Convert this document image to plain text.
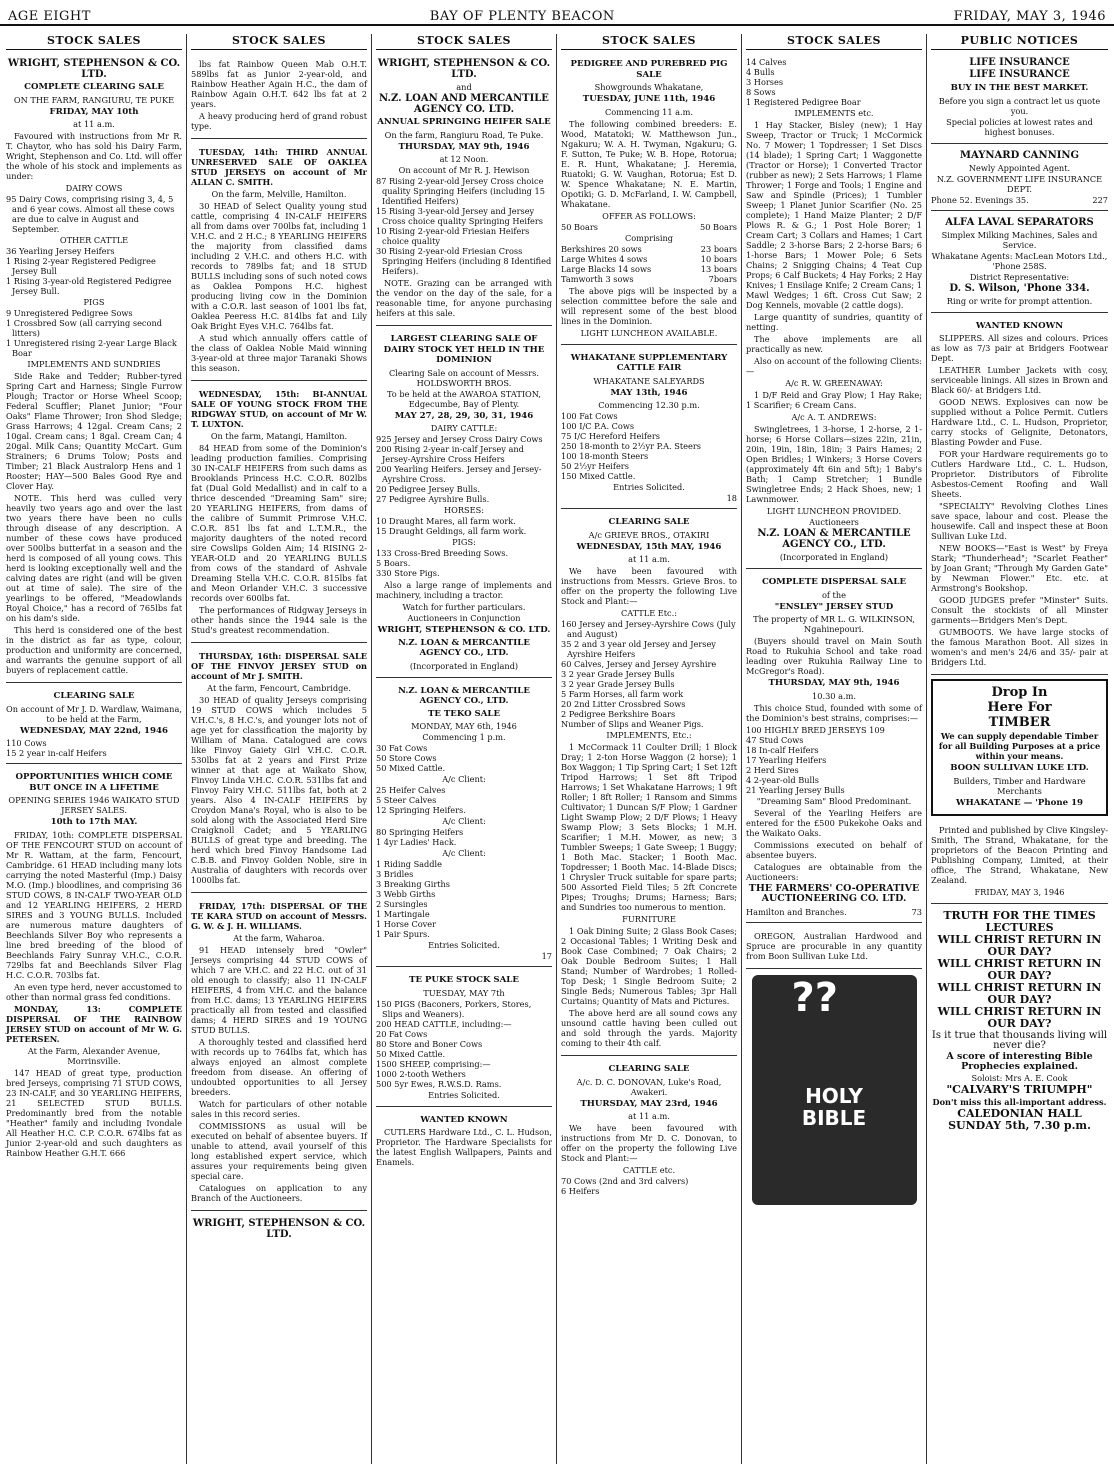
AGE EIGHT	BAY OF PLENTY BEACON	FRIDAY, MAY 3, 1946
STOCK SALES
WRIGHT, STEPHENSON & CO. LTD.
COMPLETE CLEARING SALE
ON THE FARM, RANGIURU, TE PUKE
FRIDAY, MAY 10th
at 11 a.m.
Favoured with instructions from Mr R. T. Chaytor, who has sold his Dairy Farm, Wright, Stephenson and Co. Ltd. will offer the whole of his stock and implements as under:
DAIRY COWS
95 Dairy Cows, comprising rising 3, 4, 5 and 6 year cows. Almost all these cows are due to calve in August and September.
OTHER CATTLE
36 Yearling Jersey Heifers
1 Rising 2-year Registered Pedigree Jersey Bull
1 Rising 3-year-old Registered Pedigree Jersey Bull.
PIGS
9 Unregistered Pedigree Sows
1 Crossbred Sow (all carrying second litters)
1 Unregistered rising 2-year Large Black Boar
IMPLEMENTS AND SUNDRIES
Side Rake and Tedder; Rubber-tyred Spring Cart and Harness; Single Furrow Plough; Tractor or Horse Wheel Scoop; Federal Scuffler; Planet Junior; "Four Oaks" Flame Thrower; Iron Shod Sledge; Grass Harrows; 4 12gal. Cream Cans; 2 10gal. Cream cans; 1 8gal. Cream Can; 4 20gal. Milk Cans; Quantity McCart. Gum Strainers; 6 Drums Tolow; Posts and Timber; 21 Black Australorp Hens and 1 Rooster; HAY—500 Bales Good Rye and Clover Hay.
NOTE. This herd was culled very heavily two years ago and over the last two years there have been no culls through disease of any description. A number of these cows have produced over 500lbs butterfat in a season and the herd is composed of all young cows. This herd is looking exceptionally well and the calving dates are right (and will be given out at time of sale). The sire of the yearlings to be offered, "Meadowlands Royal Choice," has a record of 765lbs fat on his dam's side.
This herd is considered one of the best in the district as far as type, colour, production and uniformity are concerned, and warrants the genuine support of all buyers of replacement cattle.
CLEARING SALE
On account of Mr J. D. Wardlaw, Waimana, to be held at the Farm,
WEDNESDAY, MAY 22nd, 1946
110 Cows
15 2 year in-calf Heifers
OPPORTUNITIES WHICH COME BUT ONCE IN A LIFETIME
OPENING SERIES 1946 WAIKATO STUD JERSEY SALES.
10th to 17th MAY.
FRIDAY, 10th: COMPLETE DISPERSAL OF THE FENCOURT STUD on account of Mr R. Wattam, at the farm, Fencourt, Cambridge. 61 HEAD including many lots carrying the noted Masterful (Imp.) Daisy M.O. (Imp.) bloodlines, and comprising 36 STUD COWS, 8 IN-CALF TWO-YEAR OLD and 12 YEARLING HEIFERS, 2 HERD SIRES and 3 YOUNG BULLS. Included are numerous mature daughters of Beechlands Silver Boy who represents a line bred breeding of the blood of Beechlands Fairy Sunray V.H.C., C.O.R. 729lbs fat and Beechlands Silver Flag H.C. C.O.R. 703lbs fat.
An even type herd, never accustomed to other than normal grass fed conditions.
MONDAY, 13: COMPLETE DISPERSAL OF THE RAINBOW JERSEY STUD on account of Mr W. G. PETERSEN.
At the Farm, Alexander Avenue, Morrinsville.
147 HEAD of great type, production bred Jerseys, comprising 71 STUD COWS, 23 IN-CALF, and 30 YEARLING HEIFERS, 21 SELECTED STUD BULLS. Predominantly bred from the notable "Heather" family and including Ivondale All Heather H.C. C.P. C.O.R. 674lbs fat as Junior 2-year-old and such daughters as Rainbow Heather G.H.T. 666
STOCK SALES
lbs fat Rainbow Queen Mab O.H.T. 589lbs fat as Junior 2-year-old, and Rainbow Heather Again H.C., the dam of Rainbow Again O.H.T. 642 lbs fat at 2 years.
A heavy producing herd of grand robust type.
TUESDAY, 14th: THIRD ANNUAL UNRESERVED SALE OF OAKLEA STUD JERSEYS on account of Mr ALLAN C. SMITH.
On the farm, Melville, Hamilton.
30 HEAD of Select Quality young stud cattle, comprising 4 IN-CALF HEIFERS all from dams over 700lbs fat, including 1 V.H.C. and 2 H.C.; 8 YEARLING HEIFERS the majority from classified dams including 2 V.H.C. and others H.C. with records to 789lbs fat; and 18 STUD BULLS including sons of such noted cows as Oaklea Pompons H.C. highest producing living cow in the Dominion with a C.O.R. last season of 1001 lbs fat, Oaklea Peeress H.C. 814lbs fat and Lily Oak Bright Eyes V.H.C. 764lbs fat.
A stud which annually offers cattle of the class of Oaklea Noble Maid winning 3-year-old at three major Taranaki Shows this season.
WEDNESDAY, 15th: BI-ANNUAL SALE OF YOUNG STOCK FROM THE RIDGWAY STUD, on account of Mr W. T. LUXTON.
On the farm, Matangi, Hamilton.
84 HEAD from some of the Dominion's leading production families. Comprising 30 IN-CALF HEIFERS from such dams as Brooklands Princess H.C. C.O.R. 802lbs fat (Dual Gold Medallist) and in calf to a thrice descended "Dreaming Sam" sire; 20 YEARLING HEIFERS, from dams of the calibre of Summit Primrose V.H.C. C.O.R. 851 lbs fat and L.T.M.R., the majority daughters of the noted record sire Cowslips Golden Aim; 14 RISING 2-YEAR-OLD and 20 YEARLING BULLS from cows of the standard of Ashvale Dreaming Stella V.H.C. C.O.R. 815lbs fat and Meon Orlander V.H.C. 3 successive records over 600lbs fat.
The performances of Ridgway Jerseys in other hands since the 1944 sale is the Stud's greatest recommendation.
THURSDAY, 16th: DISPERSAL SALE OF THE FINVOY JERSEY STUD on account of Mr J. SMITH.
At the farm, Fencourt, Cambridge.
30 HEAD of quality Jerseys comprising 19 STUD COWS which includes 5 V.H.C.'s, 8 H.C.'s, and younger lots not of age yet for classification the majority by William of Mana. Catalogued are cows like Finvoy Gaiety Girl V.H.C. C.O.R. 530lbs fat at 2 years and First Prize winner at that age at Waikato Show, Finvoy Linda V.H.C. C.O.R. 531lbs fat and Finvoy Fairy V.H.C. 511lbs fat, both at 2 years. Also 4 IN-CALF HEIFERS by Croydon Mana's Royal, who is also to be sold along with the Associated Herd Sire Craigknoll Cadet; and 5 YEARLING BULLS of great type and breeding. The herd which bred Finvoy Handsome Lad C.B.B. and Finvoy Golden Noble, sire in Australia of daughters with records over 1000lbs fat.
FRIDAY, 17th: DISPERSAL OF THE TE KARA STUD on account of Messrs. G. W. & J. H. WILLIAMS.
At the farm, Waharoa.
91 HEAD intensely bred "Owler" Jerseys comprising 44 STUD COWS of which 7 are V.H.C. and 22 H.C. out of 31 old enough to classify; also 11 IN-CALF HEIFERS, 4 from V.H.C. and the balance from H.C. dams; 13 YEARLING HEIFERS practically all from tested and classified dams; 4 HERD SIRES and 19 YOUNG STUD BULLS.
A thoroughly tested and classified herd with records up to 764lbs fat, which has always enjoyed an almost complete freedom from disease. An offering of undoubted opportunities to all Jersey breeders.
Watch for particulars of other notable sales in this record series.
COMMISSIONS as usual will be executed on behalf of absentee buyers. If unable to attend, avail yourself of this long established expert service, which assures your requirements being given special care.
Catalogues on application to any Branch of the Auctioneers.
WRIGHT, STEPHENSON & CO. LTD.
STOCK SALES
WRIGHT, STEPHENSON & CO. LTD.
and
N.Z. LOAN AND MERCANTILE AGENCY CO. LTD.
ANNUAL SPRINGING HEIFER SALE
On the farm, Rangiuru Road, Te Puke.
THURSDAY, MAY 9th, 1946
at 12 Noon.
On account of Mr R. J. Hewison
87 Rising 2-year-old Jersey Cross choice quality Springing Heifers (including 15 Identified Heifers)
15 Rising 3-year-old Jersey and Jersey Cross choice quality Springing Heifers
10 Rising 2-year-old Friesian Heifers choice quality
30 Rising 2-year-old Friesian Cross Springing Heifers (including 8 Identified Heifers).
NOTE. Grazing can be arranged with the vendor on the day of the sale, for a reasonable time, for anyone purchasing heifers at this sale.
LARGEST CLEARING SALE OF DAIRY STOCK YET HELD IN THE DOMINION
Clearing Sale on account of Messrs. HOLDSWORTH BROS.
To be held at the AWAROA STATION, Edgecumbe, Bay of Plenty.
MAY 27, 28, 29, 30, 31, 1946
DAIRY CATTLE:
925 Jersey and Jersey Cross Dairy Cows
200 Rising 2-year in-calf Jersey and Jersey-Ayrshire Cross Heifers
200 Yearling Heifers. Jersey and Jersey-Ayrshire Cross.
20 Pedigree Jersey Bulls.
27 Pedigree Ayrshire Bulls.
HORSES:
10 Draught Mares, all farm work.
15 Draught Geldings, all farm work.
PIGS:
133 Cross-Bred Breeding Sows.
5 Boars.
330 Store Pigs.
Also a large range of implements and machinery, including a tractor.
Watch for further particulars.
Auctioneers in Conjunction
WRIGHT, STEPHENSON & CO. LTD.
N.Z. LOAN & MERCANTILE AGENCY CO., LTD.
(Incorporated in England)
N.Z. LOAN & MERCANTILE AGENCY CO., LTD.
TE TEKO SALE
MONDAY, MAY 6th, 1946
Commencing 1 p.m.
30 Fat Cows
50 Store Cows
50 Mixed Cattle.
A/c Client:
25 Heifer Calves
5 Steer Calves
12 Springing Heifers.
A/c Client:
80 Springing Heifers
1 4yr Ladies' Hack.
A/c Client:
1 Riding Saddle
3 Bridles
3 Breaking Girths
3 Webb Girths
2 Sursingles
1 Martingale
1 Horse Cover
1 Pair Spurs.
Entries Solicited.
17
TE PUKE STOCK SALE
TUESDAY, MAY 7th
150 PIGS (Baconers, Porkers, Stores, Slips and Weaners).
200 HEAD CATTLE, including:—
20 Fat Cows
80 Store and Boner Cows
50 Mixed Cattle.
1500 SHEEP, comprising:—
1000 2-tooth Wethers
500 5yr Ewes, R.W.S.D. Rams.
Entries Solicited.
WANTED KNOWN
CUTLERS Hardware Ltd., C. L. Hudson, Proprietor. The Hardware Specialists for the latest English Wallpapers, Paints and Enamels.
STOCK SALES
PEDIGREE AND PUREBRED PIG SALE
Showgrounds Whakatane,
TUESDAY, JUNE 11th, 1946
Commencing 11 a.m.
The following combined breeders: E. Wood, Matatoki; W. Matthewson Jun., Ngakuru; W. A. H. Twyman, Ngakuru; G. F. Sutton, Te Puke; W. B. Hope, Rotorua; E. R. Hunt, Whakatane; J. Heremia, Ruatoki; G. W. Vaughan, Rotorua; Est D. W. Spence Whakatane; N. E. Martin, Opotiki; G. D. McFarland, I. W. Campbell, Whakatane.
OFFER AS FOLLOWS:
50 Boars	50 Boars
Comprising
Berkshires 20 sows	23 boars
Large Whites 4 sows	10 boars
Large Blacks 14 sows	13 boars
Tamworth 3 sows	7boars
The above pigs will be inspected by a selection committee before the sale and will represent some of the best blood lines in the Dominion.
LIGHT LUNCHEON AVAILABLE.
WHAKATANE SUPPLEMENTARY CATTLE FAIR
WHAKATANE SALEYARDS
MAY 13th, 1946
Commencing 12.30 p.m.
100 Fat Cows
100 I/C P.A. Cows
75 I/C Hereford Heifers
250 18-month to 2½yr P.A. Steers
100 18-month Steers
50 2½yr Heifers
150 Mixed Cattle.
Entries Solicited.
18
CLEARING SALE
A/c GRIEVE BROS., OTAKIRI
WEDNESDAY, 15th MAY, 1946
at 11 a.m.
We have been favoured with instructions from Messrs. Grieve Bros. to offer on the property the following Live Stock and Plant:—
CATTLE Etc.:
160 Jersey and Jersey-Ayrshire Cows (July and August)
35 2 and 3 year old Jersey and Jersey Ayrshire Heifers
60 Calves, Jersey and Jersey Ayrshire
3 2 year Grade Jersey Bulls
3 2 year Grade Jersey Bulls
5 Farm Horses, all farm work
20 2nd Litter Crossbred Sows
2 Pedigree Berkshire Boars
Number of Slips and Weaner Pigs.
IMPLEMENTS, Etc.:
1 McCormack 11 Coulter Drill; 1 Block Dray; 1 2-ton Horse Waggon (2 horse); 1 Box Waggon; 1 Tip Spring Cart; 1 Set 12ft Tripod Harrows; 1 Set 8ft Tripod Harrows; 1 Set Whakatane Harrows; 1 9ft Roller; 1 8ft Roller; 1 Ransom and Simms Cultivator; 1 Duncan S/F Plow; 1 Gardner Light Swamp Plow; 2 D/F Plows; 1 Heavy Swamp Plow; 3 Sets Blocks; 1 M.H. Scarifier; 1 M.H. Mower, as new; 3 Tumbler Sweeps; 1 Gate Sweep; 1 Buggy; 1 Both Mac. Stacker; 1 Booth Mac. Topdresser; 1 Booth Mac. 14-Blade Discs; 1 Chrysler Truck suitable for spare parts; 500 Assorted Field Tiles; 5 2ft Concrete Pipes; Troughs; Drums; Harness; Bars; and Sundries too numerous to mention.
FURNITURE
1 Oak Dining Suite; 2 Glass Book Cases; 2 Occasional Tables; 1 Writing Desk and Book Case Combined; 7 Oak Chairs; 2 Oak Double Bedroom Suites; 1 Hall Stand; Number of Wardrobes; 1 Rolled-Top Desk; 1 Single Bedroom Suite; 2 Single Beds; Numerous Tables; 3pr Hall Curtains; Quantity of Mats and Pictures.
The above herd are all sound cows any unsound cattle having been culled out and sold through the yards. Majority coming to their 4th calf.
CLEARING SALE
A/c. D. C. DONOVAN, Luke's Road, Awakeri.
THURSDAY, MAY 23rd, 1946
at 11 a.m.
We have been favoured with instructions from Mr D. C. Donovan, to offer on the property the following Live Stock and Plant:—
CATTLE etc.
70 Cows (2nd and 3rd calvers)
6 Heifers
STOCK SALES
14 Calves
4 Bulls
3 Horses
8 Sows
1 Registered Pedigree Boar
IMPLEMENTS etc.
1 Hay Stacker, Bisley (new); 1 Hay Sweep, Tractor or Truck; 1 McCormick No. 7 Mower; 1 Topdresser; 1 Set Discs (14 blade); 1 Spring Cart; 1 Waggonette (Tractor or Horse); 1 Converted Tractor (rubber as new); 2 Sets Harrows; 1 Flame Thrower; 1 Forge and Tools; 1 Engine and Saw and Spindle (Prices); 1 Tumbler Sweep; 1 Planet Junior Scarifier (No. 25 complete); 1 Hand Maize Planter; 2 D/F Plows R. & G.; 1 Post Hole Borer; 1 Cream Cart; 3 Collars and Hames; 1 Cart Saddle; 2 3-horse Bars; 2 2-horse Bars; 6 1-horse Bars; 1 Mower Pole; 6 Sets Chains; 2 Snigging Chains; 4 Teat Cup Props; 6 Calf Buckets; 4 Hay Forks; 2 Hay Knives; 1 Ensilage Knife; 2 Cream Cans; 1 Mawl Wedges; 1 6ft. Cross Cut Saw; 2 Dog Kennels, movable (2 cattle dogs).
Large quantity of sundries, quantity of netting.
The above implements are all practically as new.
Also on account of the following Clients:—
A/c R. W. GREENAWAY:
1 D/F Reid and Gray Plow; 1 Hay Rake; 1 Scarifier; 6 Cream Cans.
A/c A. T. ANDREWS:
Swingletrees, 1 3-horse, 1 2-horse, 2 1-horse; 6 Horse Collars—sizes 22in, 21in, 20in, 19in, 18in, 18in; 3 Pairs Hames; 2 Open Bridles; 1 Winkers; 3 Horse Covers (approximately 4ft 6in and 5ft); 1 Baby's Bath; 1 Camp Stretcher; 1 Bundle Swingletree Ends; 2 Hack Shoes, new; 1 Lawnmower.
LIGHT LUNCHEON PROVIDED.
Auctioneers
N.Z. LOAN & MERCANTILE AGENCY CO., LTD.
(Incorporated in England)
COMPLETE DISPERSAL SALE
of the
"ENSLEY" JERSEY STUD
The property of MR L. G. WILKINSON, Ngahinepouri.
(Buyers should travel on Main South Road to Rukuhia School and take road leading over Rukuhia Railway Line to McGregor's Road).
THURSDAY, MAY 9th, 1946
10.30 a.m.
This choice Stud, founded with some of the Dominion's best strains, comprises:—
100 HIGHLY BRED JERSEYS 109
47 Stud Cows
18 In-calf Heifers
17 Yearling Heifers
2 Herd Sires
4 2-year-old Bulls
21 Yearling Jersey Bulls
"Dreaming Sam" Blood Predominant.
Several of the Yearling Heifers are entered for the £500 Pukekohe Oaks and the Waikato Oaks.
Commissions executed on behalf of absentee buyers.
Catalogues are obtainable from the Auctioneers:
THE FARMERS' CO-OPERATIVE AUCTIONEERING CO. LTD.
Hamilton and Branches.	73
OREGON, Australian Hardwood and Spruce are procurable in any quantity from Boon Sullivan Luke Ltd.
??
HOLY
BIBLE
PUBLIC NOTICES
LIFE INSURANCE
LIFE INSURANCE
BUY IN THE BEST MARKET.
Before you sign a contract let us quote you.
Special policies at lowest rates and highest bonuses.
MAYNARD CANNING
Newly Appointed Agent.
N.Z. GOVERNMENT LIFE INSURANCE DEPT.
Phone 52. Evenings 35.	227
ALFA LAVAL SEPARATORS
Simplex Milking Machines, Sales and Service.
Whakatane Agents: MacLean Motors Ltd., 'Phone 258S.
District Representative:
D. S. Wilson, 'Phone 334.
Ring or write for prompt attention.
WANTED KNOWN
SLIPPERS. All sizes and colours. Prices as low as 7/3 pair at Bridgers Footwear Dept.
LEATHER Lumber Jackets with cosy, serviceable linings. All sizes in Brown and Black 60/- at Bridgers Ltd.
GOOD NEWS. Explosives can now be supplied without a Police Permit. Cutlers Hardware Ltd., C. L. Hudson, Proprietor, carry stocks of Gelignite, Detonators, Blasting Powder and Fuse.
FOR your Hardware requirements go to Cutlers Hardware Ltd., C. L. Hudson, Proprietor. Distributors of Fibrolite Asbestos-Cement Roofing and Wall Sheets.
"SPECIALTY" Revolving Clothes Lines save space, labour and cost. Please the housewife. Call and inspect these at Boon Sullivan Luke Ltd.
NEW BOOKS—"East is West" by Freya Stark; "Thunderhead"; "Scarlet Feather" by Joan Grant; "Through My Garden Gate" by Newman Flower." Etc. etc. at Armstrong's Bookshop.
GOOD JUDGES prefer "Minster" Suits. Consult the stockists of all Minster garments—Bridgers Men's Dept.
GUMBOOTS. We have large stocks of the famous Marathon Boot. All sizes in women's and men's 24/6 and 35/- pair at Bridgers Ltd.
Drop In
Here For
TIMBER
We can supply dependable Timber for all Building Purposes at a price within your means.
BOON SULLIVAN LUKE LTD.
Builders, Timber and Hardware Merchants
WHAKATANE — 'Phone 19
Printed and published by Clive Kingsley-Smith, The Strand, Whakatane, for the proprietors of the Beacon Printing and Publishing Company, Limited, at their office, The Strand, Whakatane, New Zealand.
FRIDAY, MAY 3, 1946
TRUTH FOR THE TIMES
LECTURES
WILL CHRIST RETURN IN OUR DAY?
WILL CHRIST RETURN IN OUR DAY?
WILL CHRIST RETURN IN OUR DAY?
WILL CHRIST RETURN IN OUR DAY?
Is it true that thousands living will never die?
A score of interesting Bible Prophecies explained.
Soloist: Mrs A. E. Cook
"CALVARY'S TRIUMPH"
Don't miss this all-important address.
CALEDONIAN HALL
SUNDAY 5th, 7.30 p.m.
